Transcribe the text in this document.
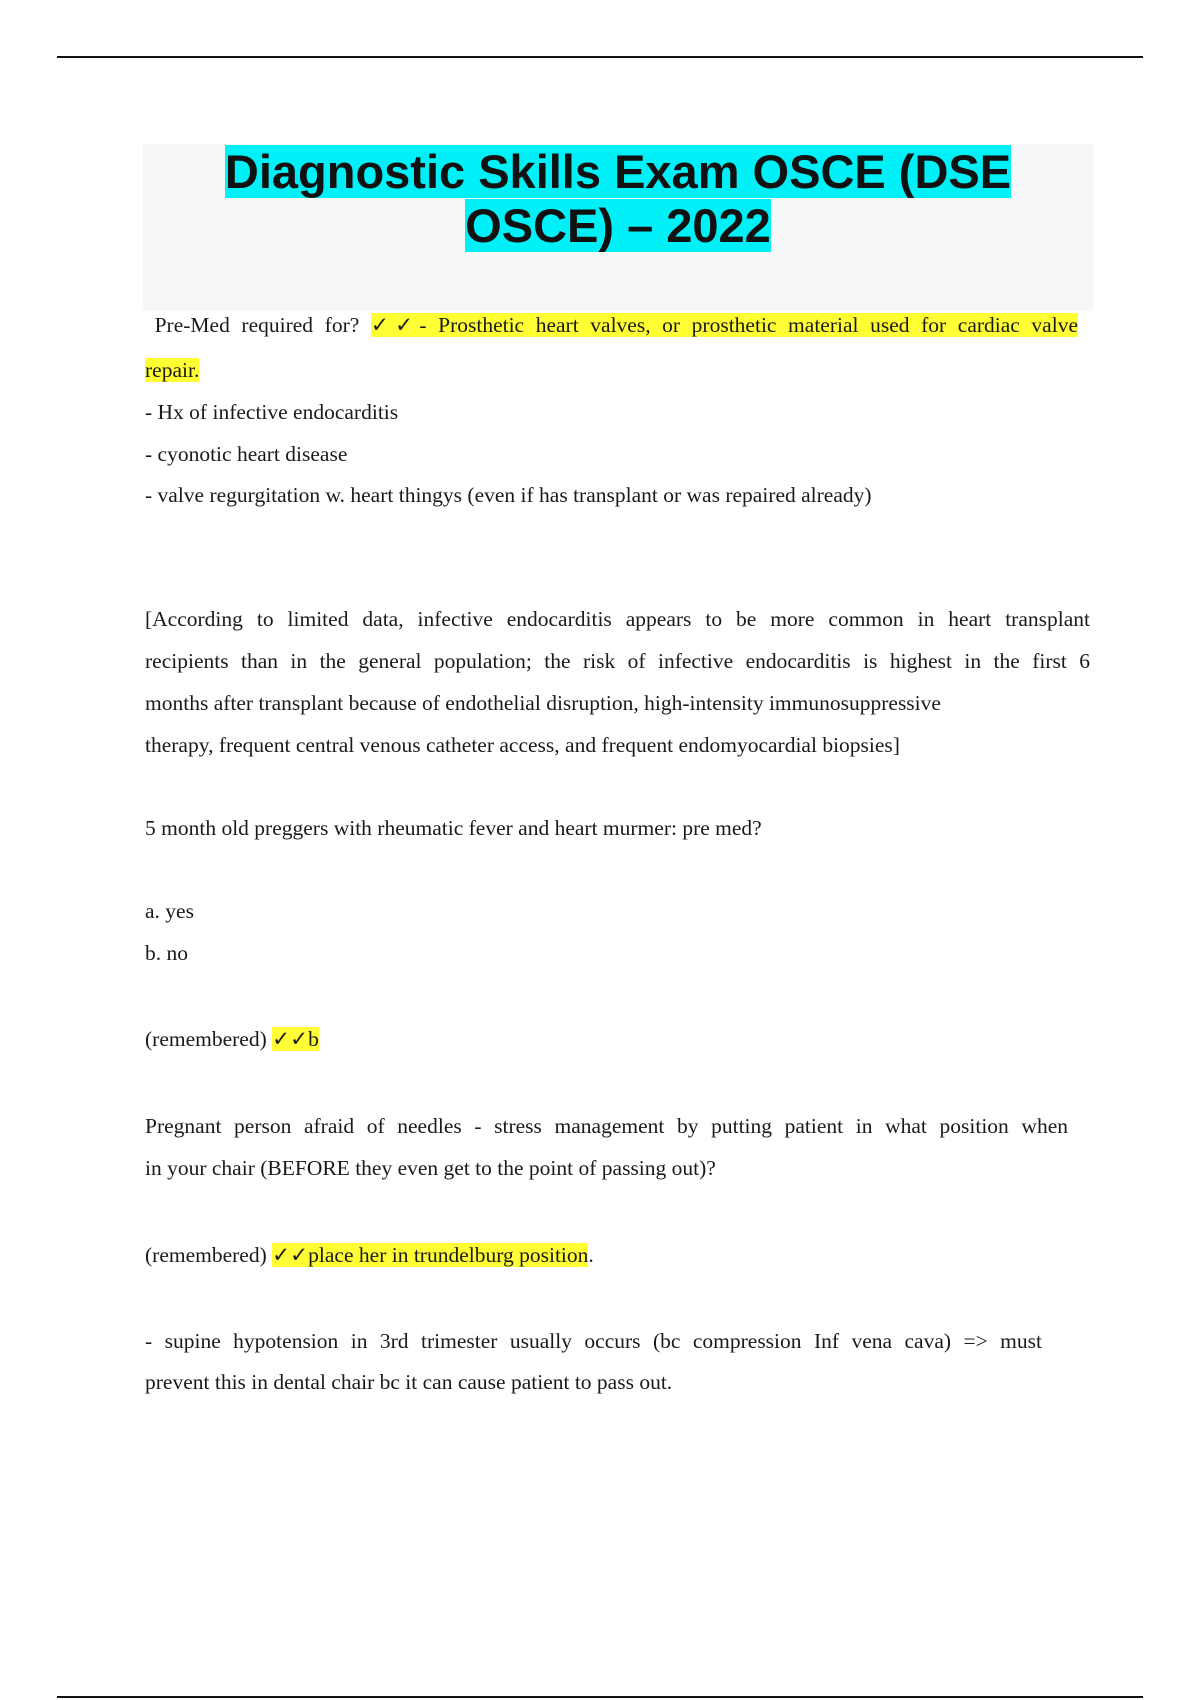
Diagnostic Skills Exam OSCE (DSE
OSCE) – 2022
Pre-Med required for? ✓✓- Prosthetic heart valves, or prosthetic material used for cardiac valve
repair.
- Hx of infective endocarditis
- cyonotic heart disease
- valve regurgitation w. heart thingys (even if has transplant or was repaired already)
[According to limited data, infective endocarditis appears to be more common in heart transplant
recipients than in the general population; the risk of infective endocarditis is highest in the first 6
months after transplant because of endothelial disruption, high-intensity immunosuppressive
therapy, frequent central venous catheter access, and frequent endomyocardial biopsies]
5 month old preggers with rheumatic fever and heart murmer: pre med?
a. yes
b. no
(remembered) ✓✓b
Pregnant person afraid of needles - stress management by putting patient in what position when
in your chair (BEFORE they even get to the point of passing out)?
(remembered) ✓✓place her in trundelburg position.
- supine hypotension in 3rd trimester usually occurs (bc compression Inf vena cava) => must
prevent this in dental chair bc it can cause patient to pass out.
